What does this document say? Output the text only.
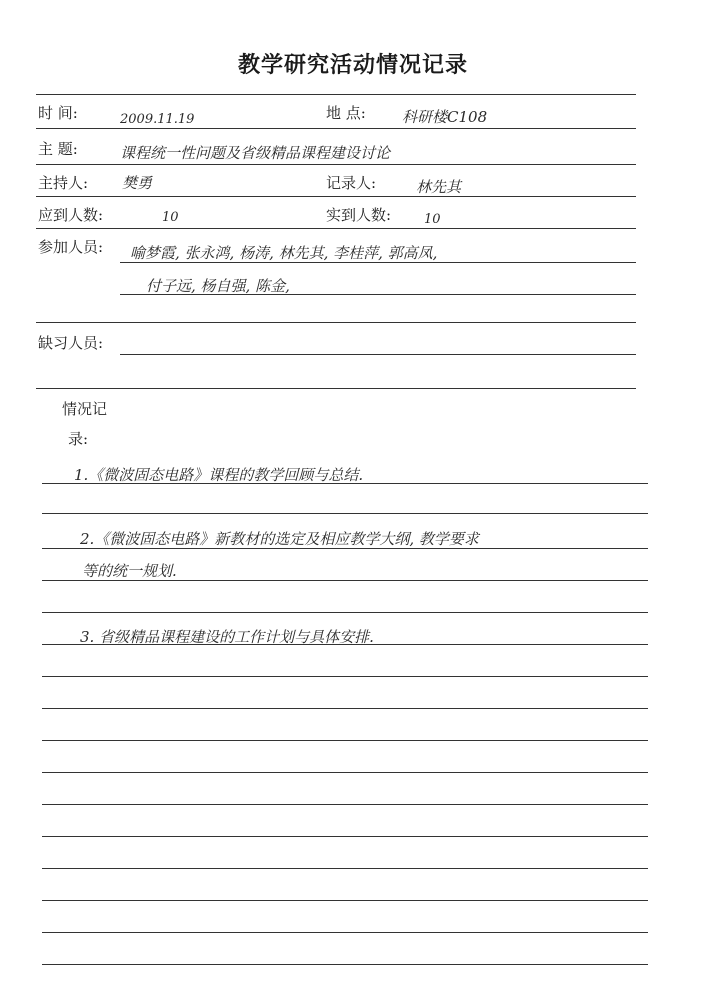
教学研究活动情况记录
时 间:	2009.11.19	地 点: 科研楼C108
主 题:	课程统一性问题及省级精品课程建设讨论
主持人: 樊勇	记录人:	林先其
应到人数:	10	实到人数:	10
参加人员: 喻梦霞, 张永鸿, 杨涛, 林先其, 李桂萍, 郭高凤,
付子远, 杨自强, 陈金,
缺习人员:
情况记
录:
1.《微波固态电路》课程的教学回顾与总结.
2.《微波固态电路》新教材的选定及相应教学大纲, 教学要求
等的统一规划.
3. 省级精品课程建设的工作计划与具体安排.
